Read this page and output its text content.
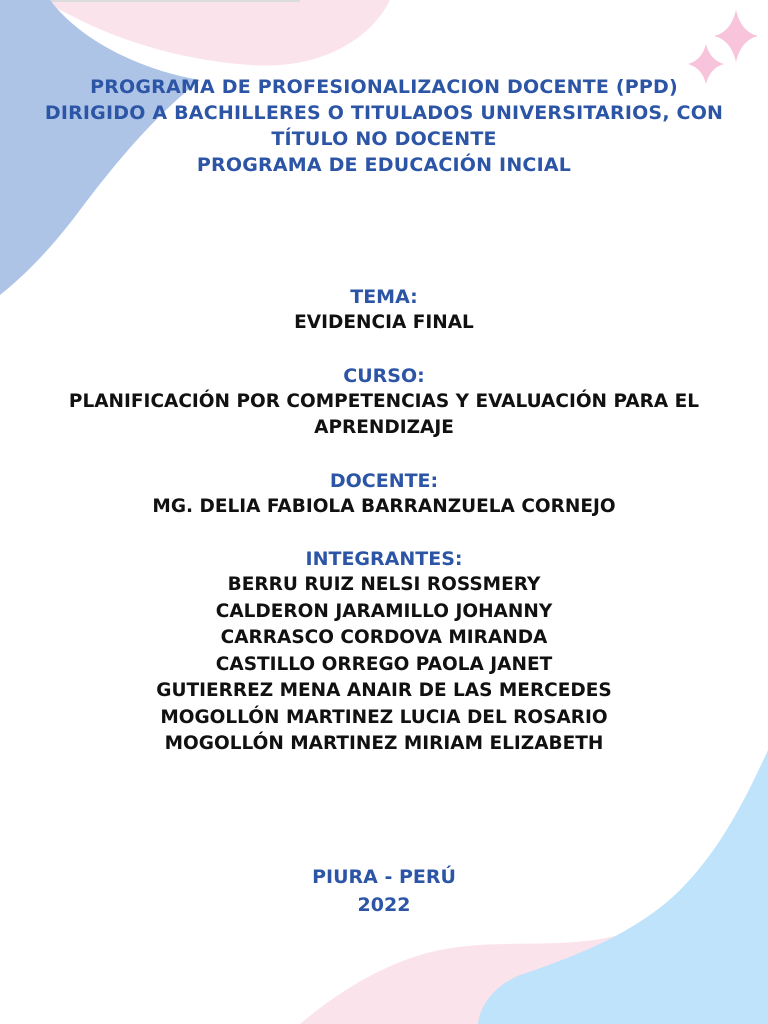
PROGRAMA DE PROFESIONALIZACION DOCENTE (PPD)
DIRIGIDO A BACHILLERES O TITULADOS UNIVERSITARIOS, CON
TÍTULO NO DOCENTE
PROGRAMA DE EDUCACIÓN INCIAL
TEMA:
EVIDENCIA FINAL
CURSO:
PLANIFICACIÓN POR COMPETENCIAS Y EVALUACIÓN PARA EL
APRENDIZAJE
DOCENTE:
MG. DELIA FABIOLA BARRANZUELA CORNEJO
INTEGRANTES:
BERRU RUIZ NELSI ROSSMERY
CALDERON JARAMILLO JOHANNY
CARRASCO CORDOVA MIRANDA
CASTILLO ORREGO PAOLA JANET
GUTIERREZ MENA ANAIR DE LAS MERCEDES
MOGOLLÓN MARTINEZ LUCIA DEL ROSARIO
MOGOLLÓN MARTINEZ MIRIAM ELIZABETH
PIURA - PERÚ
2022
